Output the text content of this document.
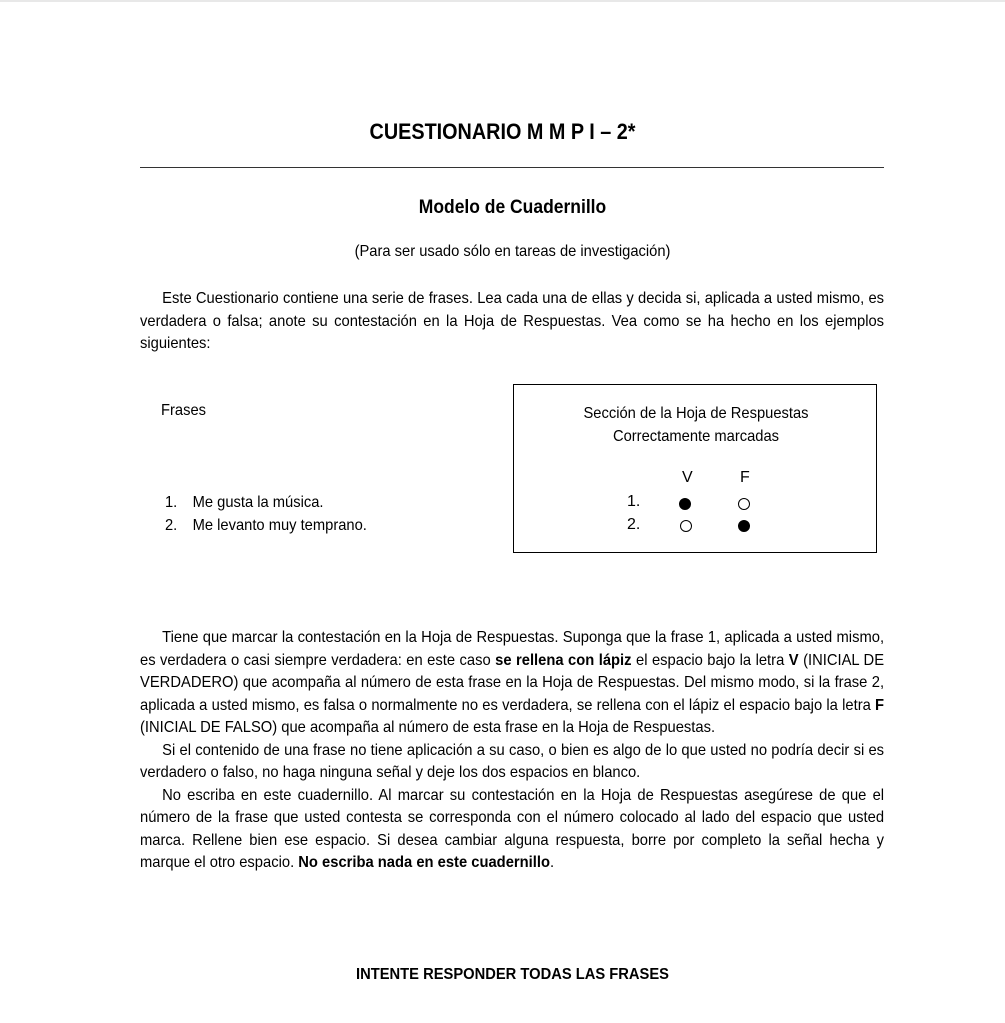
CUESTIONARIO M M P I – 2*
Modelo de Cuadernillo
(Para ser usado sólo en tareas de investigación)
Este Cuestionario contiene una serie de frases. Lea cada una de ellas y decida si, aplicada a usted mismo, es verdadera o falsa; anote su contestación en la Hoja de Respuestas. Vea como se ha hecho en los ejemplos siguientes:
Frases
1. Me gusta la música.
2. Me levanto muy temprano.
Sección de la Hoja de Respuestas
Correctamente marcadas
V	F
1.
2.
Tiene que marcar la contestación en la Hoja de Respuestas. Suponga que la frase 1, aplicada a usted mismo, es verdadera o casi siempre verdadera: en este caso se rellena con lápiz el espacio bajo la letra V (INICIAL DE VERDADERO) que acompaña al número de esta frase en la Hoja de Respuestas. Del mismo modo, si la frase 2, aplicada a usted mismo, es falsa o normalmente no es verdadera, se rellena con el lápiz el espacio bajo la letra F (INICIAL DE FALSO) que acompaña al número de esta frase en la Hoja de Respuestas.
Si el contenido de una frase no tiene aplicación a su caso, o bien es algo de lo que usted no podría decir si es verdadero o falso, no haga ninguna señal y deje los dos espacios en blanco.
No escriba en este cuadernillo. Al marcar su contestación en la Hoja de Respuestas asegúrese de que el número de la frase que usted contesta se corresponda con el número colocado al lado del espacio que usted marca. Rellene bien ese espacio. Si desea cambiar alguna respuesta, borre por completo la señal hecha y marque el otro espacio. No escriba nada en este cuadernillo.
INTENTE RESPONDER TODAS LAS FRASES
